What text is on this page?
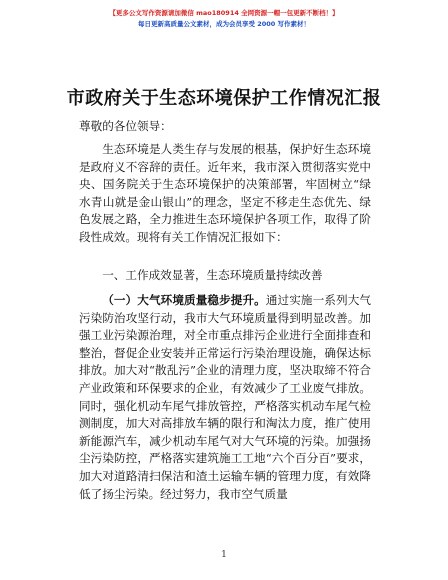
【更多公文写作资源请加微信 mao180914 全网资源一帽一包更新不断档！】
每日更新高质量公文素材，成为会员享受 2000 写作素材！
市政府关于生态环境保护工作情况汇报
尊敬的各位领导：
生态环境是人类生存与发展的根基，保护好生态环境是政府义不容辞的责任。近年来，我市深入贯彻落实党中央、国务院关于生态环境保护的决策部署，牢固树立“绿水青山就是金山银山”的理念，坚定不移走生态优先、绿色发展之路，全力推进生态环境保护各项工作，取得了阶段性成效。现将有关工作情况汇报如下：
一、工作成效显著，生态环境质量持续改善
（一）大气环境质量稳步提升。通过实施一系列大气污染防治攻坚行动，我市大气环境质量得到明显改善。加强工业污染源治理，对全市重点排污企业进行全面排查和整治，督促企业安装并正常运行污染治理设施，确保达标排放。加大对“散乱污”企业的清理力度，坚决取缔不符合产业政策和环保要求的企业，有效减少了工业废气排放。同时，强化机动车尾气排放管控，严格落实机动车尾气检测制度，加大对高排放车辆的限行和淘汰力度，推广使用新能源汽车，减少机动车尾气对大气环境的污染。加强扬尘污染防控，严格落实建筑施工工地“六个百分百”要求，加大对道路清扫保洁和渣土运输车辆的管理力度，有效降低了扬尘污染。经过努力，我市空气质量
1
